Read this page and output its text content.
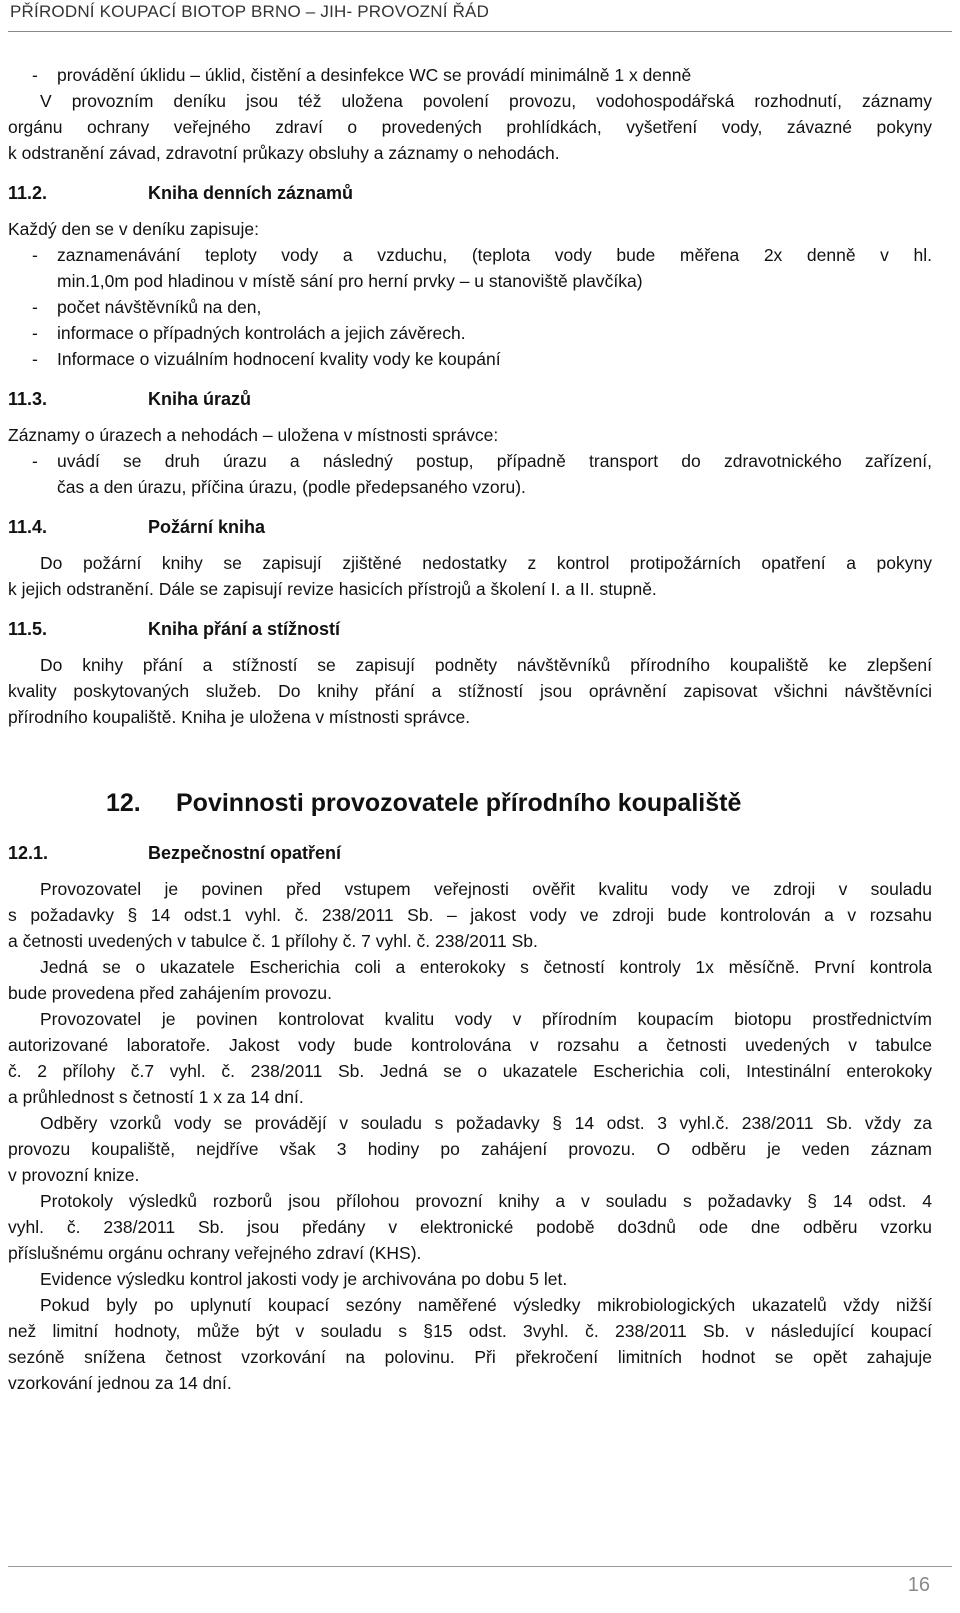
PŘÍRODNÍ KOUPACÍ BIOTOP BRNO – JIH- PROVOZNÍ ŘÁD
-	provádění úklidu – úklid, čistění a desinfekce WC se provádí minimálně 1 x denně
V provozním deníku jsou též uložena povolení provozu, vodohospodářská rozhodnutí, záznamy
orgánu ochrany veřejného zdraví o provedených prohlídkách, vyšetření vody, závazné pokyny
k odstranění závad, zdravotní průkazy obsluhy a záznamy o nehodách.
11.2.	Kniha denních záznamů
Každý den se v deníku zapisuje:
-	zaznamenávání teploty vody a vzduchu, (teplota vody bude měřena 2x denně v hl.
min.1,0m pod hladinou v místě sání pro herní prvky – u stanoviště plavčíka)
-	počet návštěvníků na den,
-	informace o případných kontrolách a jejich závěrech.
-	Informace o vizuálním hodnocení kvality vody ke koupání
11.3.	Kniha úrazů
Záznamy o úrazech a nehodách – uložena v místnosti správce:
-	uvádí se druh úrazu a následný postup, případně transport do zdravotnického zařízení,
čas a den úrazu, příčina úrazu, (podle předepsaného vzoru).
11.4.	Požární kniha
Do požární knihy se zapisují zjištěné nedostatky z kontrol protipožárních opatření a pokyny
k jejich odstranění. Dále se zapisují revize hasicích přístrojů a školení I. a II. stupně.
11.5.	Kniha přání a stížností
Do knihy přání a stížností se zapisují podněty návštěvníků přírodního koupaliště ke zlepšení
kvality poskytovaných služeb. Do knihy přání a stížností jsou oprávnění zapisovat všichni návštěvníci
přírodního koupaliště. Kniha je uložena v místnosti správce.
12.	Povinnosti provozovatele přírodního koupaliště
12.1.	Bezpečnostní opatření
Provozovatel je povinen před vstupem veřejnosti ověřit kvalitu vody ve zdroji v souladu
s požadavky § 14 odst.1 vyhl. č. 238/2011 Sb. – jakost vody ve zdroji bude kontrolován a v rozsahu
a četnosti uvedených v tabulce č. 1 přílohy č. 7 vyhl. č. 238/2011 Sb.
Jedná se o ukazatele Escherichia coli a enterokoky s četností kontroly 1x měsíčně. První kontrola
bude provedena před zahájením provozu.
Provozovatel je povinen kontrolovat kvalitu vody v přírodním koupacím biotopu prostřednictvím
autorizované laboratoře. Jakost vody bude kontrolována v rozsahu a četnosti uvedených v tabulce
č. 2 přílohy č.7 vyhl. č. 238/2011 Sb. Jedná se o ukazatele Escherichia coli, Intestinální enterokoky
a průhlednost s četností 1 x za 14 dní.
Odběry vzorků vody se provádějí v souladu s požadavky § 14 odst. 3 vyhl.č. 238/2011 Sb. vždy za
provozu koupaliště, nejdříve však 3 hodiny po zahájení provozu. O odběru je veden záznam
v provozní knize.
Protokoly výsledků rozborů jsou přílohou provozní knihy a v souladu s požadavky § 14 odst. 4
vyhl. č. 238/2011 Sb. jsou předány v elektronické podobě do3dnů ode dne odběru vzorku
příslušnému orgánu ochrany veřejného zdraví (KHS).
Evidence výsledku kontrol jakosti vody je archivována po dobu 5 let.
Pokud byly po uplynutí koupací sezóny naměřené výsledky mikrobiologických ukazatelů vždy nižší
než limitní hodnoty, může být v souladu s §15 odst. 3vyhl. č. 238/2011 Sb. v následující koupací
sezóně snížena četnost vzorkování na polovinu. Při překročení limitních hodnot se opět zahajuje
vzorkování jednou za 14 dní.
16
